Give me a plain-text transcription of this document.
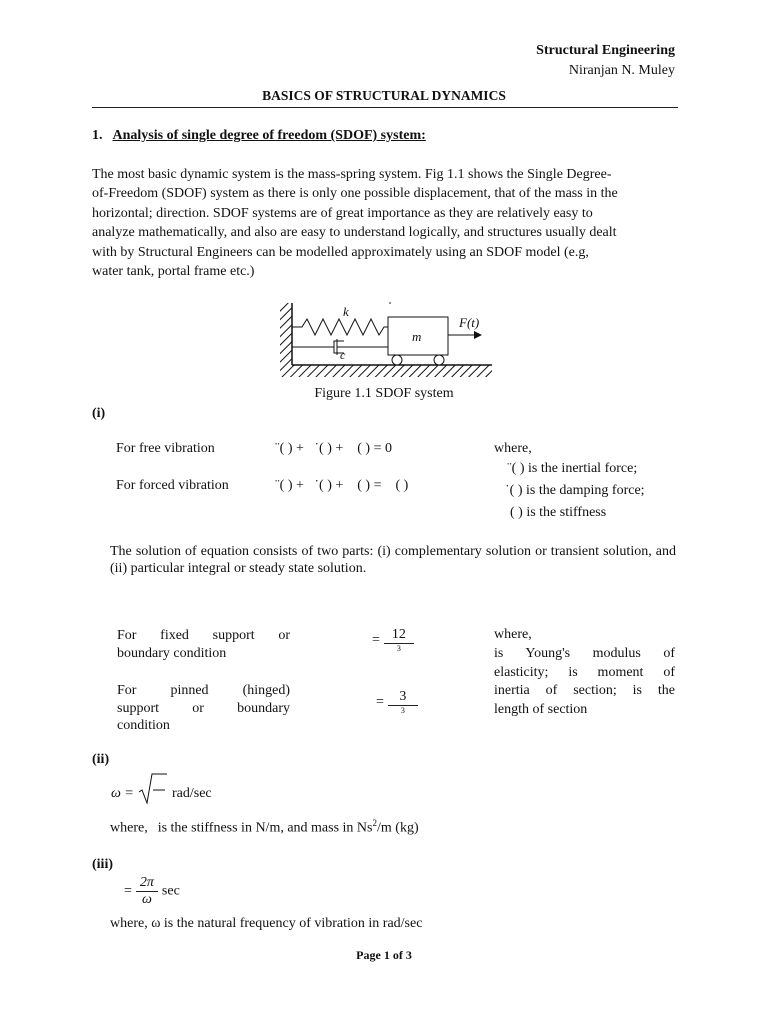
Structural Engineering
Niranjan N. Muley
BASICS OF STRUCTURAL DYNAMICS
1. Analysis of single degree of freedom (SDOF) system:
The most basic dynamic system is the mass-spring system. Fig 1.1 shows the Single Degree-
of-Freedom (SDOF) system as there is only one possible displacement, that of the mass in the
horizontal; direction. SDOF systems are of great importance as they are relatively easy to
analyze mathematically, and also are easy to understand logically, and structures usually dealt
with by Structural Engineers can be modelled approximately using an SDOF model (e.g,
water tank, portal frame etc.)
k
c
m
F(t)
Figure 1.1 SDOF system
(i)
For free vibration	¨( ) +   ˙( ) +    ( ) = 0
For forced vibration	¨( ) +   ˙( ) +    ( ) =    ( )
where,
¨( ) is the inertial force;
˙( ) is the damping force;
( ) is the stiffness
The solution of equation consists of two parts: (i) complementary solution or transient solution, and (ii) particular integral or steady state solution.
For fixed support or
boundary condition
= $\frac{12}{3}$
For pinned (hinged)
support or boundary
condition
= $\frac{3}{3}$
where,
is Young's modulus of
elasticity; is moment of
inertia of section; is the
length of section
(ii)
ω =	rad/sec
where, is the stiffness in N/m, and mass in Ns$^2$/m (kg)
(iii)
= $\frac{2\pi}{\omega}$ sec
where, ω is the natural frequency of vibration in rad/sec
Page 1 of 3
